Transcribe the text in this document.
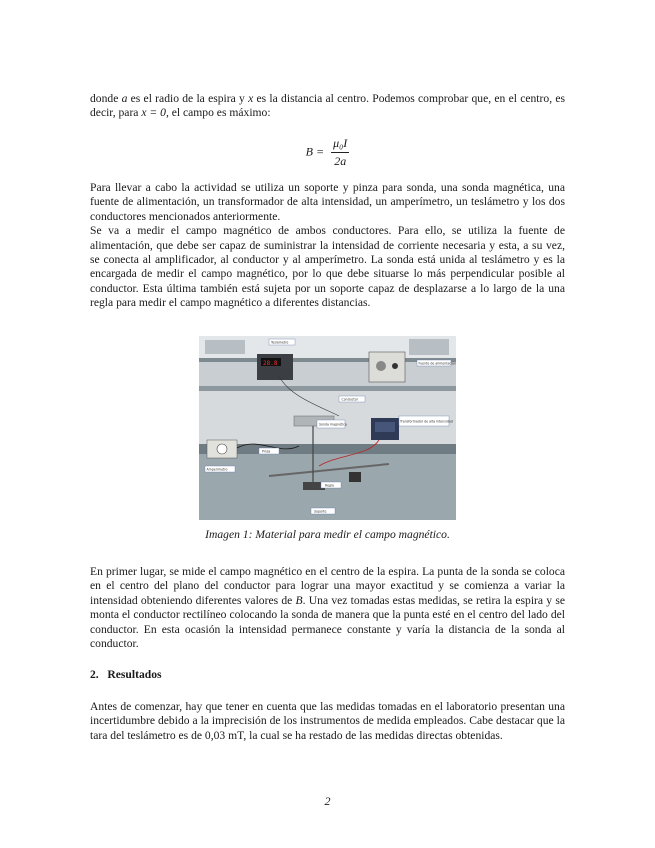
donde a es el radio de la espira y x es la distancia al centro. Podemos comprobar que, en el centro, es decir, para x = 0, el campo es máximo:

$B = \frac{\text{μ₀I}}{2a}$

Para llevar a cabo la actividad se utiliza un soporte y pinza para sonda, una sonda magnética, una fuente de alimentación, un transformador de alta intensidad, un amperímetro, un teslámetro y los dos conductores mencionados anteriormente.

Se va a medir el campo magnético de ambos conductores. Para ello, se utiliza la fuente de alimentación, que debe ser capaz de suministrar la intensidad de corriente necesaria y esta, a su vez, se conecta al amplificador, al conductor y al amperímetro. La sonda está unida al teslámetro y es la encargada de medir el campo magnético, por lo que debe situarse lo más perpendicular posible al conductor. Esta última también está sujeta por un soporte capaz de desplazarse a lo largo de la una regla para medir el campo magnético a diferentes distancias.

28.8
Teslámetro
Fuente de alimentación
Conductor
Transformador de alta intensidad
Sonda magnética
Pinza
Amperímetro
Regla
Soporte
Imagen 1: Material para medir el campo magnético.

En primer lugar, se mide el campo magnético en el centro de la espira. La punta de la sonda se coloca en el centro del plano del conductor para lograr una mayor exactitud y se comienza a variar la intensidad obteniendo diferentes valores de B. Una vez tomadas estas medidas, se retira la espira y se monta el conductor rectilíneo colocando la sonda de manera que la punta esté en el centro del lado del conductor. En esta ocasión la intensidad permanece constante y varía la distancia de la sonda al conductor.

2. Resultados

Antes de comenzar, hay que tener en cuenta que las medidas tomadas en el laboratorio presentan una incertidumbre debido a la imprecisión de los instrumentos de medida empleados. Cabe destacar que la tara del teslámetro es de 0,03 mT, la cual se ha restado de las medidas directas obtenidas.

2
